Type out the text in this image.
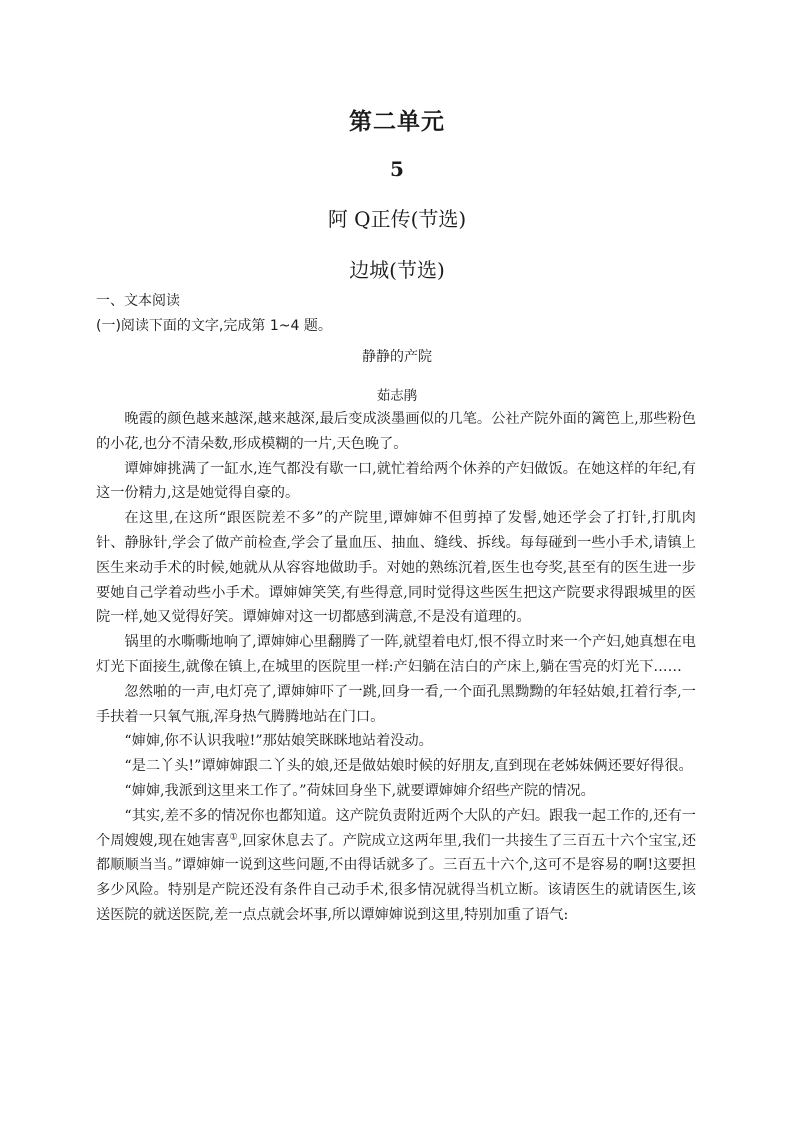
第二单元
5
阿 Q正传(节选)
边城(节选)
一、文本阅读
(一)阅读下面的文字,完成第 1~4 题。
静静的产院
茹志鹃

晚霞的颜色越来越深,越来越深,最后变成淡墨画似的几笔。公社产院外面的篱笆上,那些粉色的小花,也分不清朵数,形成模糊的一片,天色晚了。

谭婶婶挑满了一缸水,连气都没有歇一口,就忙着给两个休养的产妇做饭。在她这样的年纪,有这一份精力,这是她觉得自豪的。

在这里,在这所“跟医院差不多”的产院里,谭婶婶不但剪掉了发髻,她还学会了打针,打肌肉针、静脉针,学会了做产前检查,学会了量血压、抽血、缝线、拆线。每每碰到一些小手术,请镇上医生来动手术的时候,她就从从容容地做助手。对她的熟练沉着,医生也夸奖,甚至有的医生进一步要她自己学着动些小手术。谭婶婶笑笑,有些得意,同时觉得这些医生把这产院要求得跟城里的医院一样,她又觉得好笑。谭婶婶对这一切都感到满意,不是没有道理的。

锅里的水嘶嘶地响了,谭婶婶心里翻腾了一阵,就望着电灯,恨不得立时来一个产妇,她真想在电灯光下面接生,就像在镇上,在城里的医院里一样:产妇躺在洁白的产床上,躺在雪亮的灯光下……

忽然啪的一声,电灯亮了,谭婶婶吓了一跳,回身一看,一个面孔黑黝黝的年轻姑娘,扛着行李,一手扶着一只氧气瓶,浑身热气腾腾地站在门口。

“婶婶,你不认识我啦!”那姑娘笑眯眯地站着没动。

“是二丫头!”谭婶婶跟二丫头的娘,还是做姑娘时候的好朋友,直到现在老姊妹俩还要好得很。

“婶婶,我派到这里来工作了。”荷妹回身坐下,就要谭婶婶介绍些产院的情况。

“其实,差不多的情况你也都知道。这产院负责附近两个大队的产妇。跟我一起工作的,还有一个周嫂嫂,现在她害喜①,回家休息去了。产院成立这两年里,我们一共接生了三百五十六个宝宝,还都顺顺当当。”谭婶婶一说到这些问题,不由得话就多了。三百五十六个,这可不是容易的啊!这要担多少风险。特别是产院还没有条件自己动手术,很多情况就得当机立断。该请医生的就请医生,该送医院的就送医院,差一点点就会坏事,所以谭婶婶说到这里,特别加重了语气:
